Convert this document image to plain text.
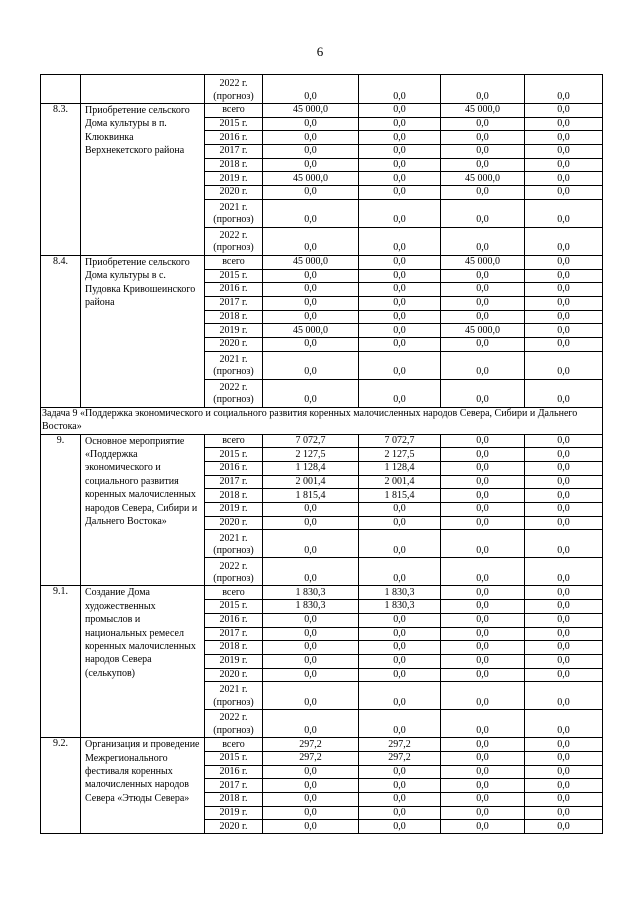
6
		2022 г. (прогноз)	0,0	0,0	0,0	0,0
8.3.	Приобретение сельского Дома культуры в п. Клюквинка Верхнекетского района	всего	45 000,0	0,0	45 000,0	0,0
		2015 г.	0,0	0,0	0,0	0,0
		2016 г.	0,0	0,0	0,0	0,0
		2017 г.	0,0	0,0	0,0	0,0
		2018 г.	0,0	0,0	0,0	0,0
		2019 г.	45 000,0	0,0	45 000,0	0,0
		2020 г.	0,0	0,0	0,0	0,0
		2021 г. (прогноз)	0,0	0,0	0,0	0,0
		2022 г. (прогноз)	0,0	0,0	0,0	0,0
8.4.	Приобретение сельского Дома культуры в с. Пудовка Кривошеинского района	всего	45 000,0	0,0	45 000,0	0,0
		2015 г.	0,0	0,0	0,0	0,0
		2016 г.	0,0	0,0	0,0	0,0
		2017 г.	0,0	0,0	0,0	0,0
		2018 г.	0,0	0,0	0,0	0,0
		2019 г.	45 000,0	0,0	45 000,0	0,0
		2020 г.	0,0	0,0	0,0	0,0
		2021 г. (прогноз)	0,0	0,0	0,0	0,0
		2022 г. (прогноз)	0,0	0,0	0,0	0,0
Задача 9 «Поддержка экономического и социального развития коренных малочисленных народов Севера, Сибири и Дальнего Востока»						
9.	Основное мероприятие «Поддержка экономического и социального развития коренных малочисленных народов Севера, Сибири и Дальнего Востока»	всего	7 072,7	7 072,7	0,0	0,0
		2015 г.	2 127,5	2 127,5	0,0	0,0
		2016 г.	1 128,4	1 128,4	0,0	0,0
		2017 г.	2 001,4	2 001,4	0,0	0,0
		2018 г.	1 815,4	1 815,4	0,0	0,0
		2019 г.	0,0	0,0	0,0	0,0
		2020 г.	0,0	0,0	0,0	0,0
		2021 г. (прогноз)	0,0	0,0	0,0	0,0
		2022 г. (прогноз)	0,0	0,0	0,0	0,0
9.1.	Создание Дома художественных промыслов и национальных ремесел коренных малочисленных народов Севера (селькупов)	всего	1 830,3	1 830,3	0,0	0,0
		2015 г.	1 830,3	1 830,3	0,0	0,0
		2016 г.	0,0	0,0	0,0	0,0
		2017 г.	0,0	0,0	0,0	0,0
		2018 г.	0,0	0,0	0,0	0,0
		2019 г.	0,0	0,0	0,0	0,0
		2020 г.	0,0	0,0	0,0	0,0
		2021 г. (прогноз)	0,0	0,0	0,0	0,0
		2022 г. (прогноз)	0,0	0,0	0,0	0,0
9.2.	Организация и проведение Межрегионального фестиваля коренных малочисленных народов Севера «Этюды Севера»	всего	297,2	297,2	0,0	0,0
		2015 г.	297,2	297,2	0,0	0,0
		2016 г.	0,0	0,0	0,0	0,0
		2017 г.	0,0	0,0	0,0	0,0
		2018 г.	0,0	0,0	0,0	0,0
		2019 г.	0,0	0,0	0,0	0,0
		2020 г.	0,0	0,0	0,0	0,0
